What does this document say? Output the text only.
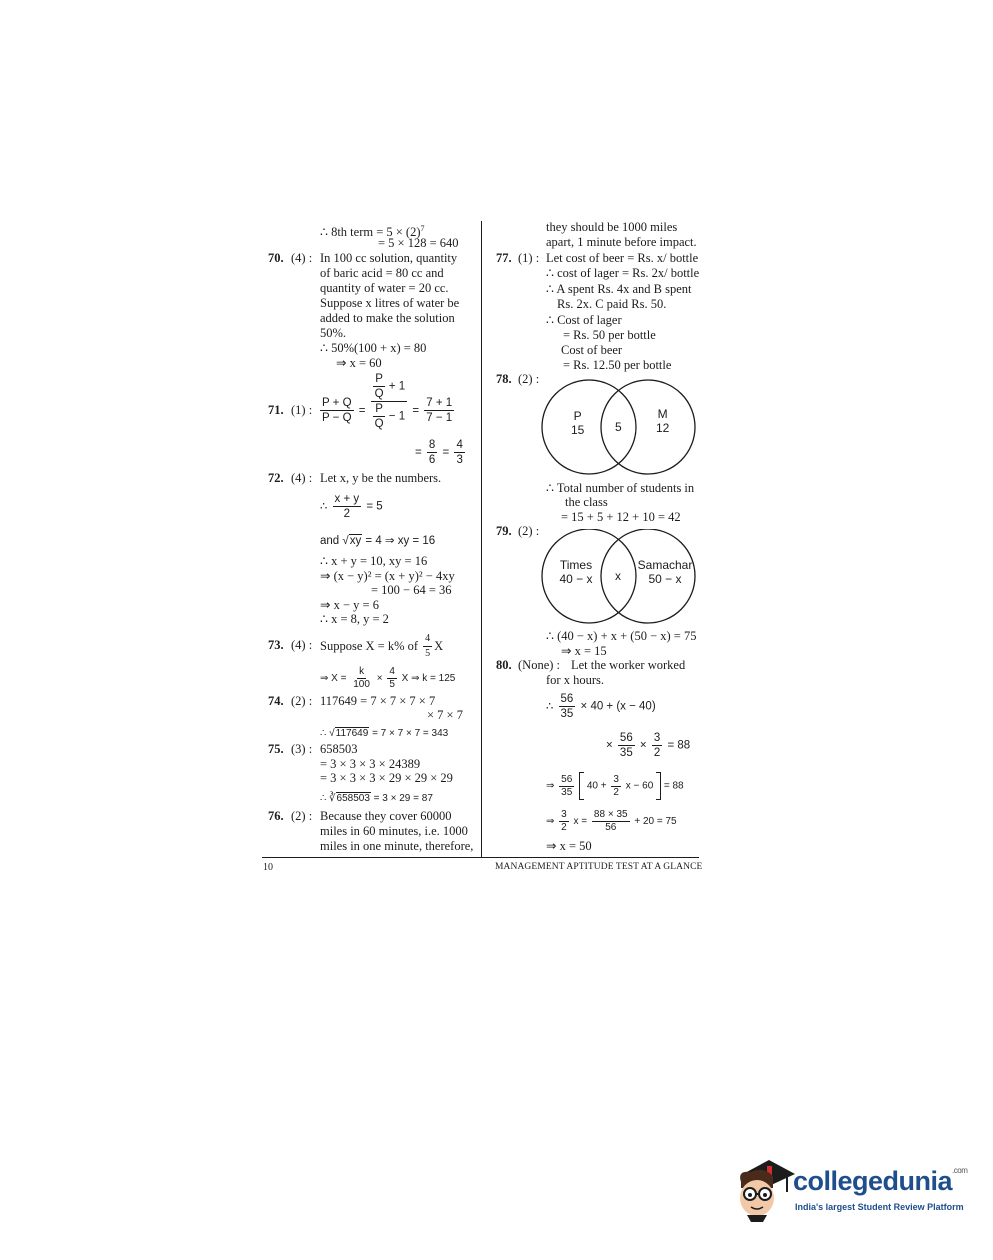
∴ 8th term = $5 \times (2)^7$
= 5 × 128 = 640
70. (4) : In 100 cc solution, quantity
of baric acid = 80 cc and
quantity of water = 20 cc.
Suppose x litres of water be
added to make the solution
50%.
∴ 50%(100 + x) = 80
⇒ x = 60
71. (1) : $\frac{P + Q}{P - Q} = \frac{\frac{P}{Q} + 1}{\frac{P}{Q} - 1} = \frac{7 + 1}{7 - 1}$
= $\frac{8}{6} = \frac{4}{3}$
72. (4) : Let x, y be the numbers.
∴ $\frac{x + y}{2} = 5$
and √xy = 4 ⇒ xy = 16
∴ x + y = 10, xy = 16
⇒ (x − y)² = (x + y)² − 4xy
= 100 − 64 = 36
⇒ x − y = 6
∴ x = 8, y = 2
73. (4) : Suppose X = k% of $\frac{4}{5}$ X
⇒ $X = \frac{k}{100} \times \frac{4}{5}$ X ⇒ k = 125
74. (2) : 117649 = 7 × 7 × 7 × 7
× 7 × 7
∴ √117649 = 7 × 7 × 7 = 343
75. (3) : 658503
= 3 × 3 × 3 × 24389
= 3 × 3 × 3 × 29 × 29 × 29
∴ ∛658503 = 3 × 29 = 87
76. (2) : Because they cover 60000
miles in 60 minutes, i.e. 1000
miles in one minute, therefore,
they should be 1000 miles
apart, 1 minute before impact.
77. (1) : Let cost of beer = Rs. x/ bottle
∴ cost of lager = Rs. 2x/ bottle
∴ A spent Rs. 4x and B spent
Rs. 2x. C paid Rs. 50.
∴ Cost of lager
= Rs. 50 per bottle
Cost of beer
= Rs. 12.50 per bottle
78. (2) :
P
15	5
M
12
∴ Total number of students in
the class
= 15 + 5 + 12 + 10 = 42
79. (2) :
Times
40 − x x
Samachar
50 − x
∴ (40 − x) + x + (50 − x) = 75
⇒ x = 15
80. (None) : Let the worker worked
for x hours.
∴ $\frac{56}{35} \times 40 + (x - 40)$
× $\frac{56}{35} \times \frac{3}{2} = 88$
⇒ $\frac{56}{35} 40 + \frac{3}{2}$ x − 60 = 88
⇒ $\frac{3}{2}$ $x = \frac{88 \times 35}{56} + 20 = 75$
⇒ x = 50
10	MANAGEMENT APTITUDE TEST AT A GLANCE
collegedunia$^{.com}$
India's largest Student Review Platform
